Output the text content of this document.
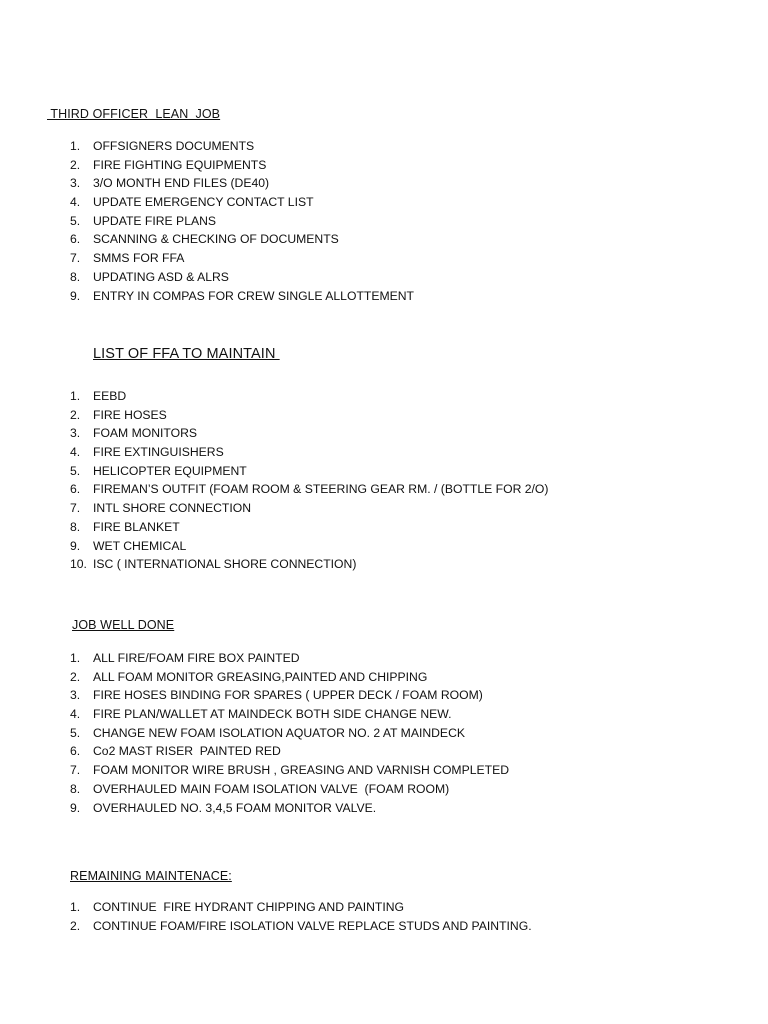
THIRD OFFICER  LEAN  JOB
1. OFFSIGNERS DOCUMENTS
2. FIRE FIGHTING EQUIPMENTS
3. 3/O MONTH END FILES (DE40)
4. UPDATE EMERGENCY CONTACT LIST
5. UPDATE FIRE PLANS
6. SCANNING & CHECKING OF DOCUMENTS
7. SMMS FOR FFA
8. UPDATING ASD & ALRS
9. ENTRY IN COMPAS FOR CREW SINGLE ALLOTTEMENT
LIST OF FFA TO MAINTAIN
1. EEBD
2. FIRE HOSES
3. FOAM MONITORS
4. FIRE EXTINGUISHERS
5. HELICOPTER EQUIPMENT
6. FIREMAN’S OUTFIT (FOAM ROOM & STEERING GEAR RM. / (BOTTLE FOR 2/O)
7. INTL SHORE CONNECTION
8. FIRE BLANKET
9. WET CHEMICAL
10. ISC ( INTERNATIONAL SHORE CONNECTION)
JOB WELL DONE
1. ALL FIRE/FOAM FIRE BOX PAINTED
2. ALL FOAM MONITOR GREASING,PAINTED AND CHIPPING
3. FIRE HOSES BINDING FOR SPARES ( UPPER DECK / FOAM ROOM)
4. FIRE PLAN/WALLET AT MAINDECK BOTH SIDE CHANGE NEW.
5. CHANGE NEW FOAM ISOLATION AQUATOR NO. 2 AT MAINDECK
6. Co2 MAST RISER  PAINTED RED
7. FOAM MONITOR WIRE BRUSH , GREASING AND VARNISH COMPLETED
8. OVERHAULED MAIN FOAM ISOLATION VALVE  (FOAM ROOM)
9. OVERHAULED NO. 3,4,5 FOAM MONITOR VALVE.
REMAINING MAINTENACE:
1. CONTINUE  FIRE HYDRANT CHIPPING AND PAINTING
2. CONTINUE FOAM/FIRE ISOLATION VALVE REPLACE STUDS AND PAINTING.
